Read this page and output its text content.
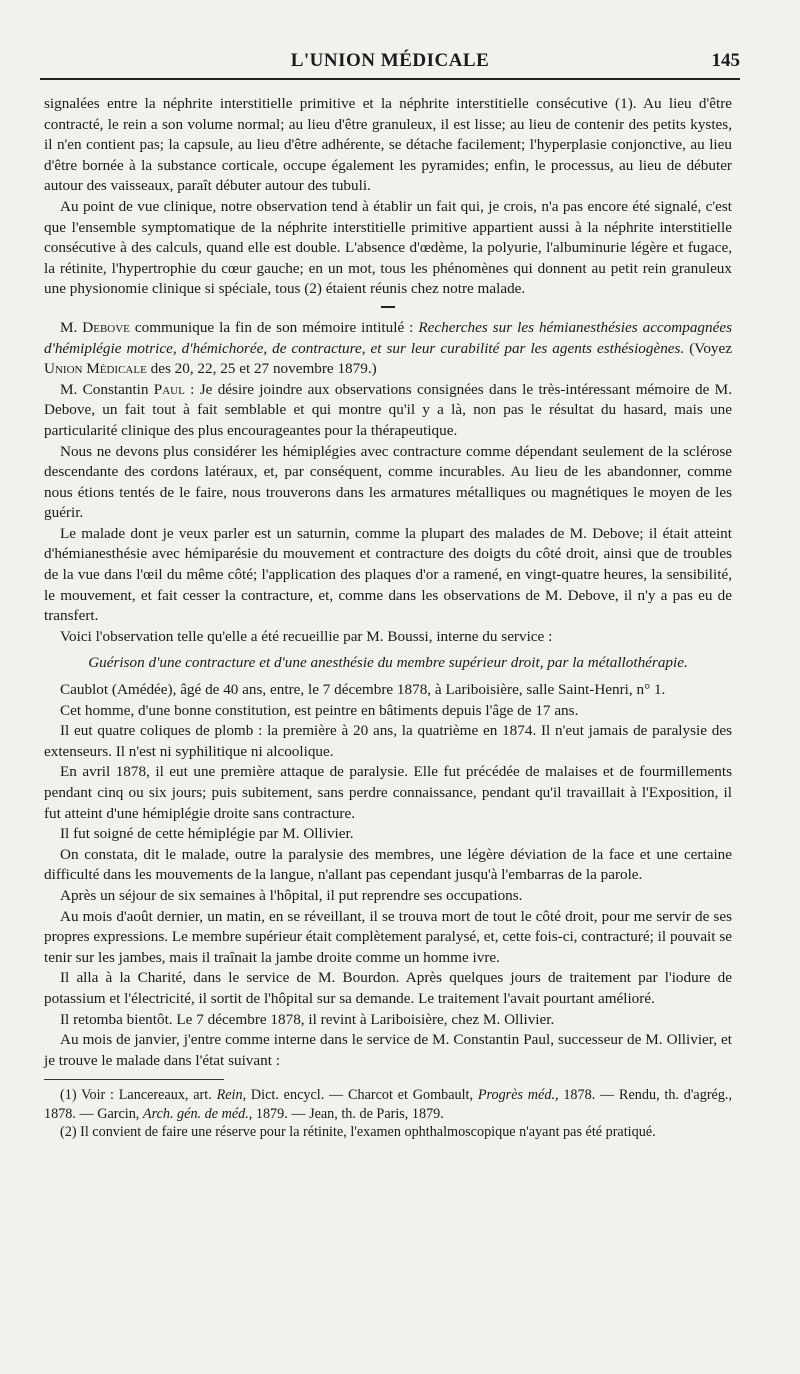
L'UNION MÉDICALE	145

signalées entre la néphrite interstitielle primitive et la néphrite interstitielle consécutive (1). Au lieu d'être contracté, le rein a son volume normal; au lieu d'être granuleux, il est lisse; au lieu de contenir des petits kystes, il n'en contient pas; la capsule, au lieu d'être adhérente, se détache facilement; l'hyperplasie conjonctive, au lieu d'être bornée à la substance corticale, occupe également les pyramides; enfin, le processus, au lieu de débuter autour des vaisseaux, paraît débuter autour des tubuli.

Au point de vue clinique, notre observation tend à établir un fait qui, je crois, n'a pas encore été signalé, c'est que l'ensemble symptomatique de la néphrite interstitielle primitive appartient aussi à la néphrite interstitielle consécutive à des calculs, quand elle est double. L'absence d'œdème, la polyurie, l'albuminurie légère et fugace, la rétinite, l'hypertrophie du cœur gauche; en un mot, tous les phénomènes qui donnent au petit rein granuleux une physionomie clinique si spéciale, tous (2) étaient réunis chez notre malade.

M. Debove communique la fin de son mémoire intitulé : Recherches sur les hémianesthésies accompagnées d'hémiplégie motrice, d'hémichorée, de contracture, et sur leur curabilité par les agents esthésiogènes. (Voyez Union Médicale des 20, 22, 25 et 27 novembre 1879.)

M. Constantin Paul : Je désire joindre aux observations consignées dans le très-intéressant mémoire de M. Debove, un fait tout à fait semblable et qui montre qu'il y a là, non pas le résultat du hasard, mais une particularité clinique des plus encourageantes pour la thérapeutique.

Nous ne devons plus considérer les hémiplégies avec contracture comme dépendant seulement de la sclérose descendante des cordons latéraux, et, par conséquent, comme incurables. Au lieu de les abandonner, comme nous étions tentés de le faire, nous trouverons dans les armatures métalliques ou magnétiques le moyen de les guérir.

Le malade dont je veux parler est un saturnin, comme la plupart des malades de M. Debove; il était atteint d'hémianesthésie avec hémiparésie du mouvement et contracture des doigts du côté droit, ainsi que de troubles de la vue dans l'œil du même côté; l'application des plaques d'or a ramené, en vingt-quatre heures, la sensibilité, le mouvement, et fait cesser la contracture, et, comme dans les observations de M. Debove, il n'y a pas eu de transfert.

Voici l'observation telle qu'elle a été recueillie par M. Boussi, interne du service :

Guérison d'une contracture et d'une anesthésie du membre supérieur droit, par la métallothérapie.

Caublot (Amédée), âgé de 40 ans, entre, le 7 décembre 1878, à Lariboisière, salle Saint-Henri, n° 1.

Cet homme, d'une bonne constitution, est peintre en bâtiments depuis l'âge de 17 ans.

Il eut quatre coliques de plomb : la première à 20 ans, la quatrième en 1874. Il n'eut jamais de paralysie des extenseurs. Il n'est ni syphilitique ni alcoolique.

En avril 1878, il eut une première attaque de paralysie. Elle fut précédée de malaises et de fourmillements pendant cinq ou six jours; puis subitement, sans perdre connaissance, pendant qu'il travaillait à l'Exposition, il fut atteint d'une hémiplégie droite sans contracture.

Il fut soigné de cette hémiplégie par M. Ollivier.

On constata, dit le malade, outre la paralysie des membres, une légère déviation de la face et une certaine difficulté dans les mouvements de la langue, n'allant pas cependant jusqu'à l'embarras de la parole.

Après un séjour de six semaines à l'hôpital, il put reprendre ses occupations.

Au mois d'août dernier, un matin, en se réveillant, il se trouva mort de tout le côté droit, pour me servir de ses propres expressions. Le membre supérieur était complètement paralysé, et, cette fois-ci, contracturé; il pouvait se tenir sur les jambes, mais il traînait la jambe droite comme un homme ivre.

Il alla à la Charité, dans le service de M. Bourdon. Après quelques jours de traitement par l'iodure de potassium et l'électricité, il sortit de l'hôpital sur sa demande. Le traitement l'avait pourtant amélioré.

Il retomba bientôt. Le 7 décembre 1878, il revint à Lariboisière, chez M. Ollivier.

Au mois de janvier, j'entre comme interne dans le service de M. Constantin Paul, successeur de M. Ollivier, et je trouve le malade dans l'état suivant :

(1) Voir : Lancereaux, art. Rein, Dict. encycl. — Charcot et Gombault, Progrès méd., 1878. — Rendu, th. d'agrég., 1878. — Garcin, Arch. gén. de méd., 1879. — Jean, th. de Paris, 1879.

(2) Il convient de faire une réserve pour la rétinite, l'examen ophthalmoscopique n'ayant pas été pratiqué.
